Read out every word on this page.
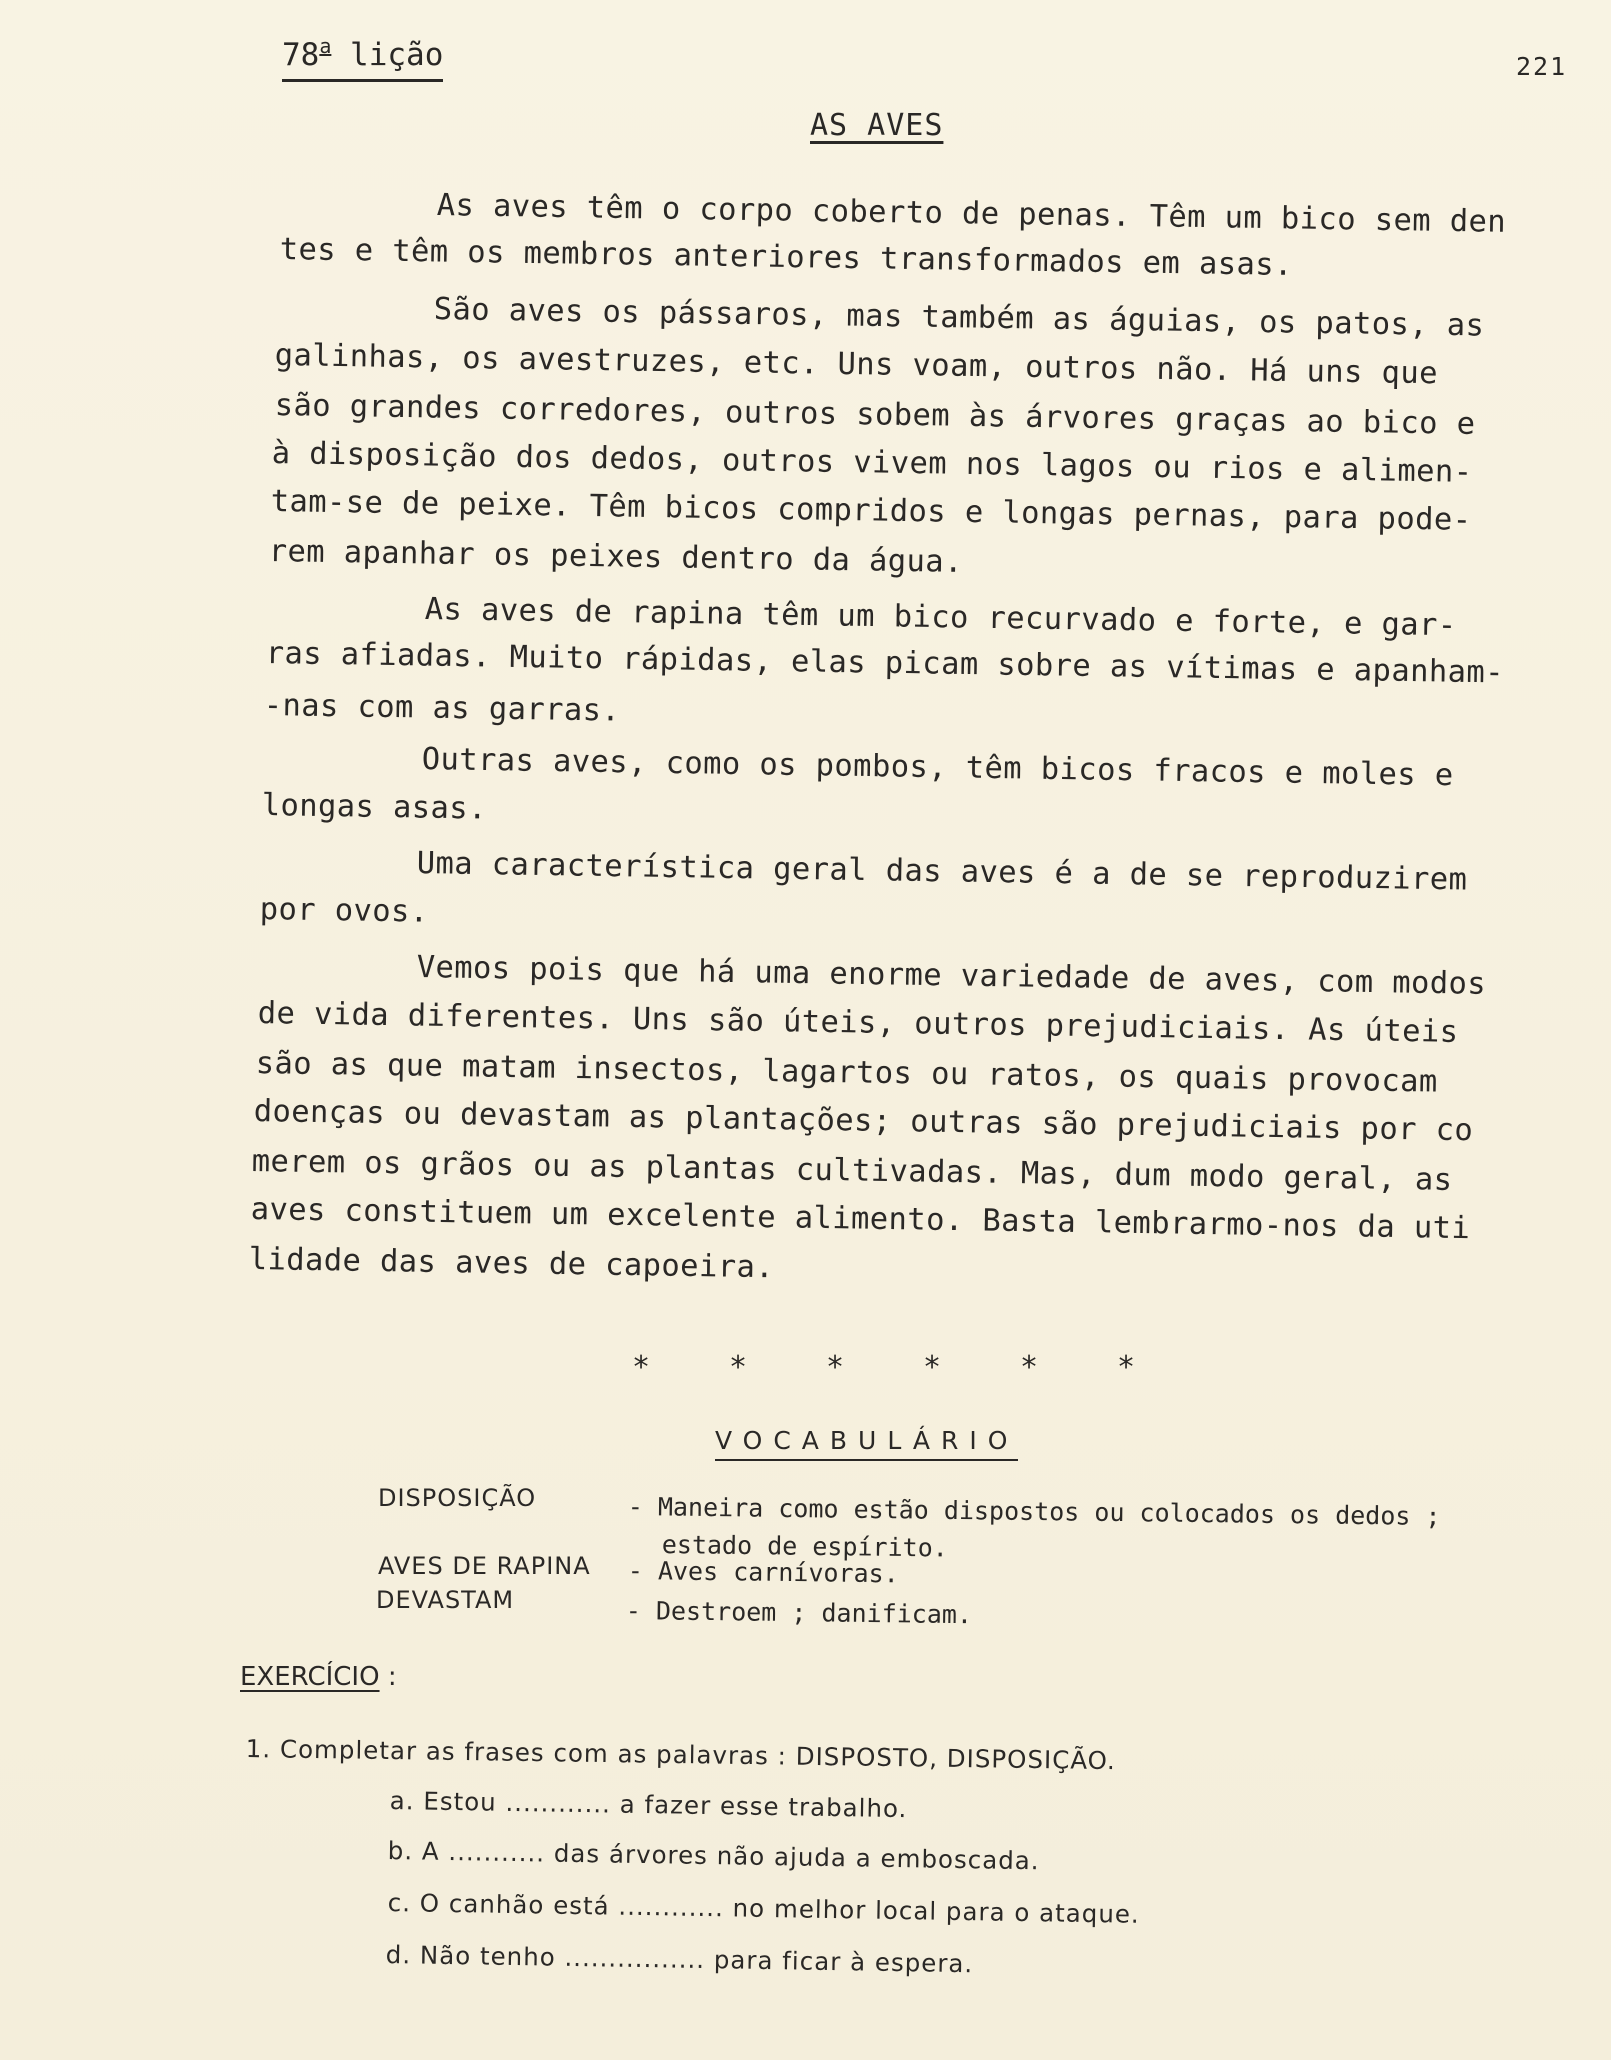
78$^a$ lição	221
AS AVES
As aves têm o corpo coberto de penas. Têm um bico sem den
tes e têm os membros anteriores transformados em asas.
São aves os pássaros, mas também as águias, os patos, as
galinhas, os avestruzes, etc. Uns voam, outros não. Há uns que
são grandes corredores, outros sobem às árvores graças ao bico e
à disposição dos dedos, outros vivem nos lagos ou rios e alimen-
tam-se de peixe. Têm bicos compridos e longas pernas, para pode-
rem apanhar os peixes dentro da água.
As aves de rapina têm um bico recurvado e forte, e gar-
ras afiadas. Muito rápidas, elas picam sobre as vítimas e apanham-
-nas com as garras.
Outras aves, como os pombos, têm bicos fracos e moles e
longas asas.
Uma característica geral das aves é a de se reproduzirem
por ovos.
Vemos pois que há uma enorme variedade de aves, com modos
de vida diferentes. Uns são úteis, outros prejudiciais. As úteis
são as que matam insectos, lagartos ou ratos, os quais provocam
doenças ou devastam as plantações; outras são prejudiciais por co
merem os grãos ou as plantas cultivadas. Mas, dum modo geral, as
aves constituem um excelente alimento. Basta lembrarmo-nos da uti
lidade das aves de capoeira.
*	*	*	*	*	*
VOCABULÁRIO
DISPOSIÇÃO	- Maneira como estão dispostos ou colocados os dedos ;
estado de espírito.
AVES DE RAPINA - Aves carnívoras.
DEVASTAM	- Destroem ; danificam.
EXERCÍCIO :
1. Completar as frases com as palavras : DISPOSTO, DISPOSIÇÃO.
a. Estou ............ a fazer esse trabalho.
b. A ........... das árvores não ajuda a emboscada.
c. O canhão está ............ no melhor local para o ataque.
d. Não tenho ................ para ficar à espera.
